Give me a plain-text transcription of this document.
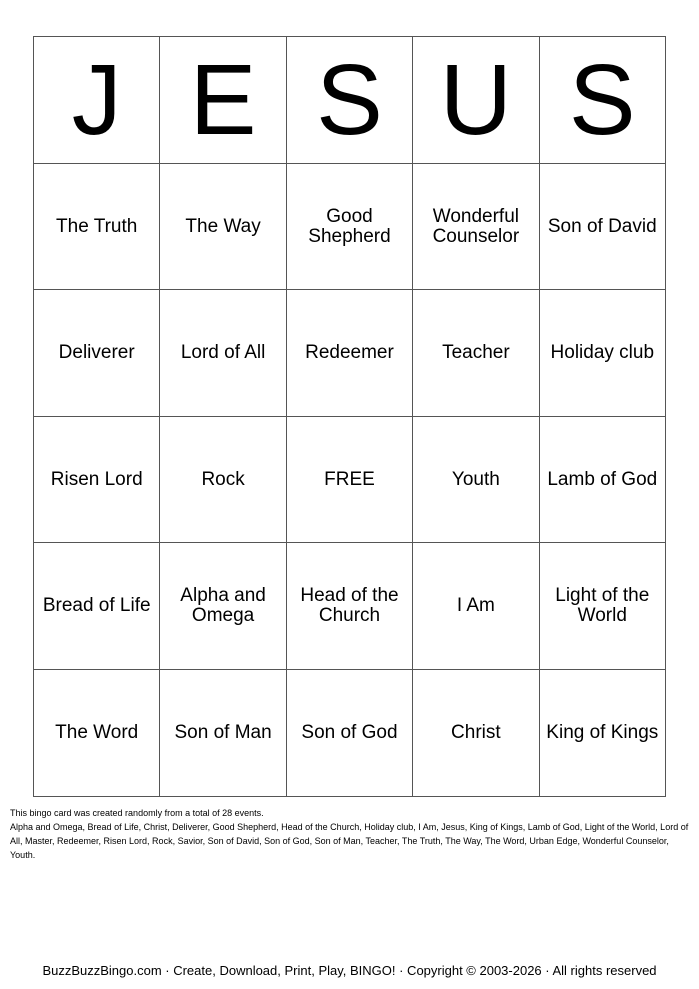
J	E	S	U	S
The Truth	The Way	Good Shepherd	Wonderful Counselor	Son of David
Deliverer	Lord of All	Redeemer	Teacher	Holiday club
Risen Lord	Rock	FREE	Youth	Lamb of God
Bread of Life	Alpha and Omega	Head of the Church	I Am	Light of the World
The Word	Son of Man	Son of God	Christ	King of Kings

This bingo card was created randomly from a total of 28 events.

Alpha and Omega, Bread of Life, Christ, Deliverer, Good Shepherd, Head of the Church, Holiday club, I Am, Jesus, King of Kings, Lamb of God, Light of the World, Lord of All, Master, Redeemer, Risen Lord, Rock, Savior, Son of David, Son of God, Son of Man, Teacher, The Truth, The Way, The Word, Urban Edge, Wonderful Counselor, Youth.

BuzzBuzzBingo.com · Create, Download, Print, Play, BINGO! · Copyright © 2003-2026 · All rights reserved
